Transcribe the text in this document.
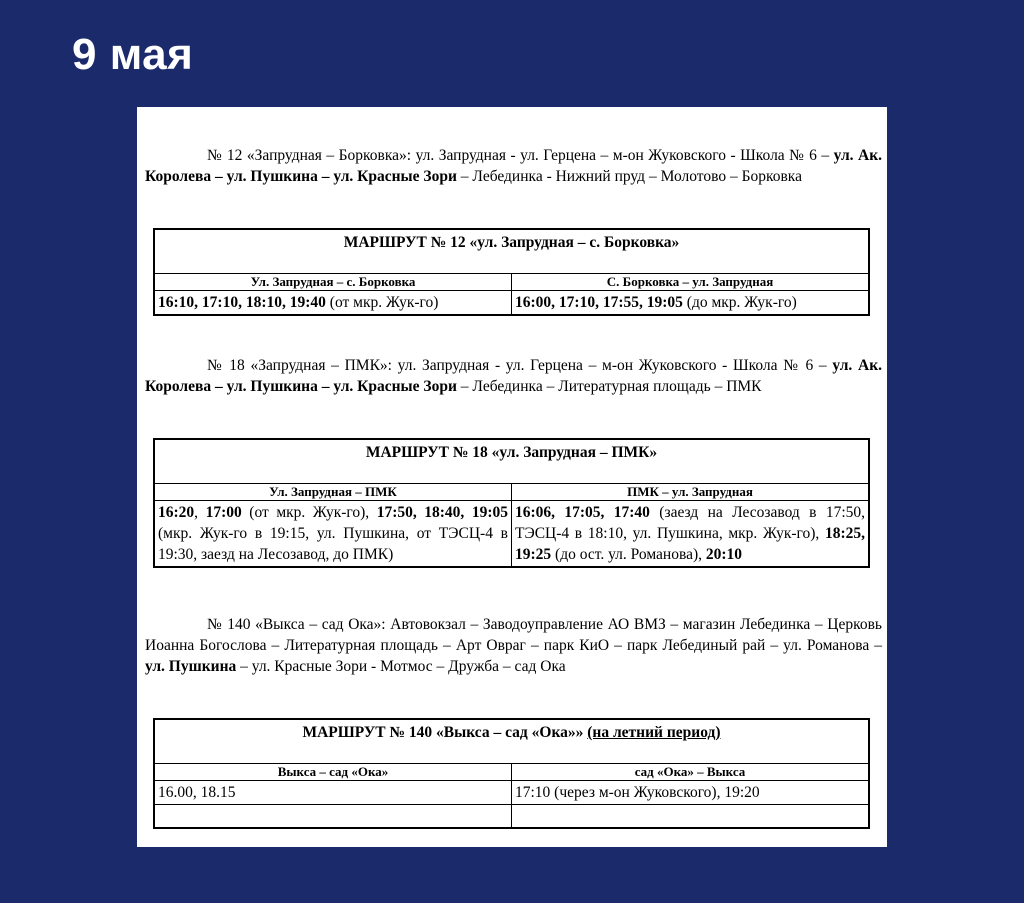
9 мая
№ 12 «Запрудная – Борковка»: ул. Запрудная - ул. Герцена – м-он Жуковского - Школа № 6 – ул. Ак. Королева – ул. Пушкина – ул. Красные Зори – Лебединка - Нижний пруд – Молотово – Борковка
МАРШРУТ № 12 «ул. Запрудная – с. Борковка»	
Ул. Запрудная – с. Борковка	С. Борковка – ул. Запрудная
16:10, 17:10, 18:10, 19:40 (от мкр. Жук-го)	16:00, 17:10, 17:55, 19:05 (до мкр. Жук-го)
№ 18 «Запрудная – ПМК»: ул. Запрудная - ул. Герцена – м-он Жуковского - Школа № 6 – ул. Ак. Королева – ул. Пушкина – ул. Красные Зори – Лебединка – Литературная площадь – ПМК
МАРШРУТ № 18 «ул. Запрудная – ПМК»	
Ул. Запрудная – ПМК	ПМК – ул. Запрудная
16:20, 17:00 (от мкр. Жук-го), 17:50, 18:40, 19:05 (мкр. Жук-го в 19:15, ул. Пушкина, от ТЭСЦ-4 в 19:30, заезд на Лесозавод, до ПМК)	16:06, 17:05, 17:40 (заезд на Лесозавод в 17:50, ТЭСЦ-4 в 18:10, ул. Пушкина, мкр. Жук-го), 18:25, 19:25 (до ост. ул. Романова), 20:10
№ 140 «Выкса – сад Ока»: Автовокзал – Заводоуправление АО ВМЗ – магазин Лебединка – Церковь Иоанна Богослова – Литературная площадь – Арт Овраг – парк КиО – парк Лебединый рай – ул. Романова – ул. Пушкина – ул. Красные Зори - Мотмос – Дружба – сад Ока
МАРШРУТ № 140 «Выкса – сад «Ока»» (на летний период)	
Выкса – сад «Ока»	сад «Ока» – Выкса
16.00, 18.15	17:10 (через м-он Жуковского), 19:20
